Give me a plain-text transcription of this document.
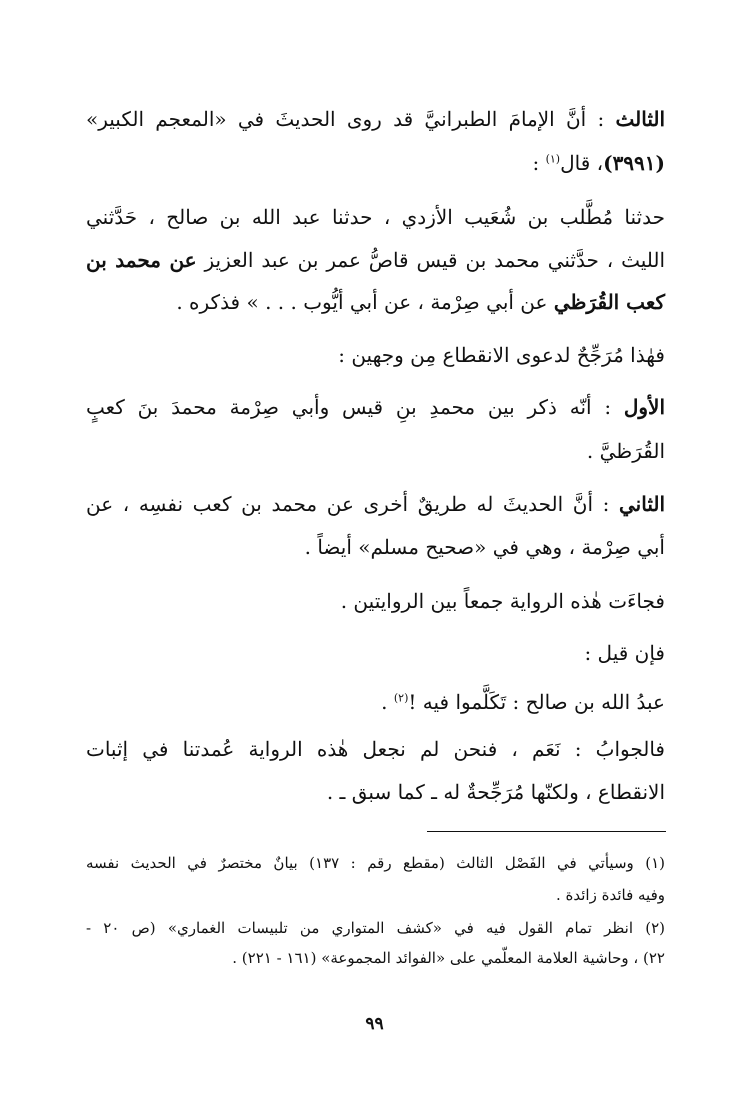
الثالث : أنَّ الإمامَ الطبرانيَّ قد روى الحديثَ في «المعجم الكبير»
(٣٩٩١)، قال$^{(١)}$ :
حدثنا مُطَّلب بن شُعَيب الأزدي ، حدثنا عبد الله بن صالح ، حَدَّثني
الليث ، حدَّثني محمد بن قيس قاصُّ عمر بن عبد العزيز عن محمد بن
كعب القُرَظي عن أبي صِرْمة ، عن أبي أيُّوب . . . » فذكره .
فهٰذا مُرَجِّحٌ لدعوى الانقطاع مِن وجهين :
الأول : أنّه ذكر بين محمدِ بنِ قيس وأبي صِرْمة محمدَ بنَ كعبٍ
القُرَظيَّ .
الثاني : أنَّ الحديثَ له طريقٌ أخرى عن محمد بن كعب نفسِه ، عن
أبي صِرْمة ، وهي في «صحيح مسلم» أيضاً .
فجاءَت هٰذه الرواية جمعاً بين الروايتين .
فإن قيل :
عبدُ الله بن صالح : تَكَلَّموا فيه !$^{(٢)}$ .
فالجوابُ : نَعَم ، فنحن لم نجعل هٰذه الرواية عُمدتنا في إثبات
الانقطاع ، ولكنّها مُرَجِّحةٌ له ـ كما سبق ـ .
(١) وسيأتي في الفَصْل الثالث (مقطع رقم : ١٣٧) بيانٌ مختصرٌ في الحديث نفسه
وفيه فائدة زائدة .
(٢) انظر تمام القول فيه في «كشف المتواري من تلبيسات الغماري» (ص ٢٠ -
٢٢) ، وحاشية العلامة المعلّمي على «الفوائد المجموعة» (١٦١ - ٢٢١) .
٩٩
